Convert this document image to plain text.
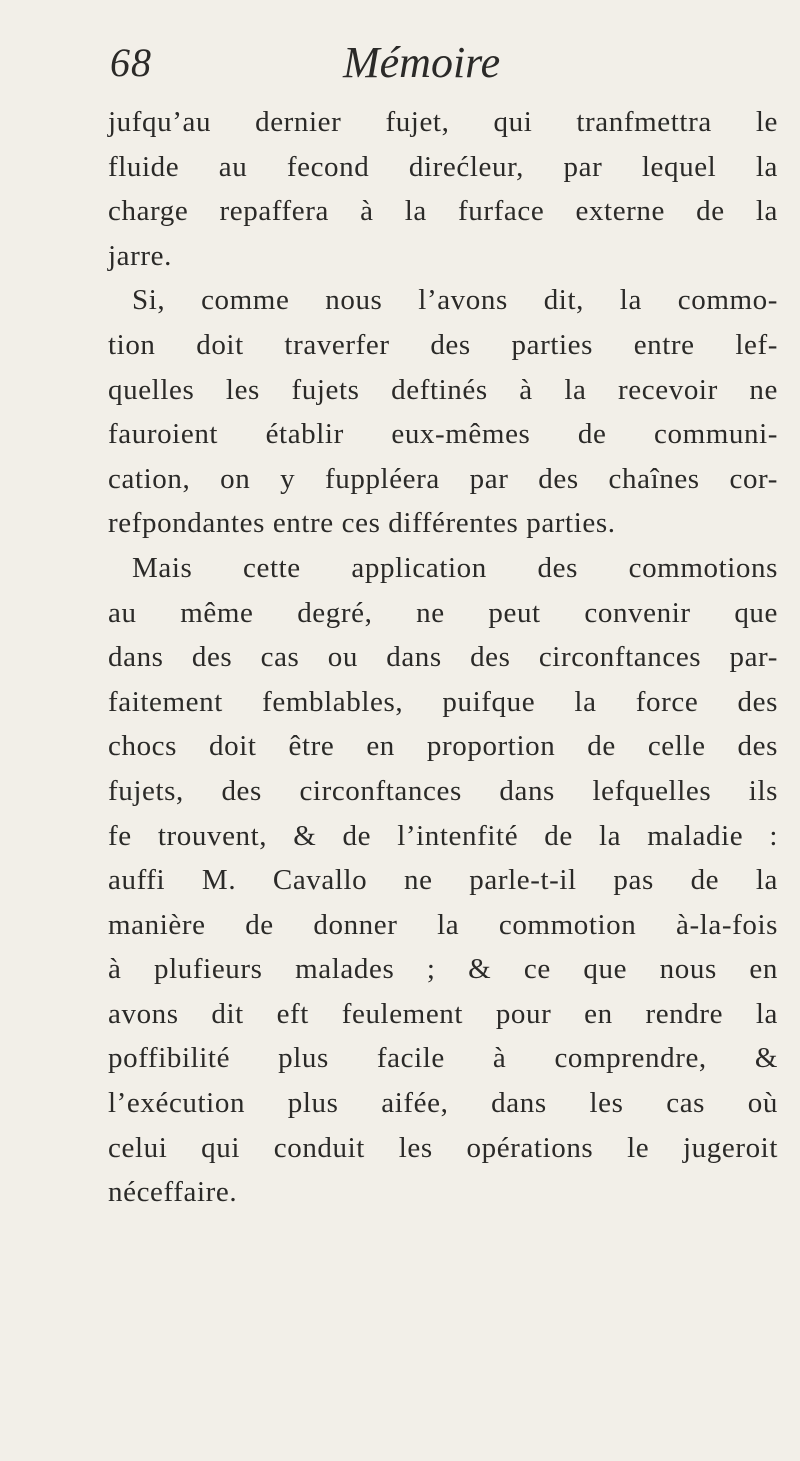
68	Mémoire
jufqu’au dernier fujet, qui tranfmettra le
fluide au fecond direćleur, par lequel la
charge repaffera à la furface externe de la
jarre.
Si, comme nous l’avons dit, la commo-
tion doit traverfer des parties entre lef-
quelles les fujets deftinés à la recevoir ne
fauroient établir eux-mêmes de communi-
cation, on y fuppléera par des chaînes cor-
refpondantes entre ces différentes parties.
Mais cette application des commotions
au même degré, ne peut convenir que
dans des cas ou dans des circonftances par-
faitement femblables, puifque la force des
chocs doit être en proportion de celle des
fujets, des circonftances dans lefquelles ils
fe trouvent, & de l’intenfité de la maladie :
auffi M. Cavallo ne parle-t-il pas de la
manière de donner la commotion à-la-fois
à plufieurs malades ; & ce que nous en
avons dit eft feulement pour en rendre la
poffibilité plus facile à comprendre, &
l’exécution plus aifée, dans les cas où
celui qui conduit les opérations le jugeroit
néceffaire.
